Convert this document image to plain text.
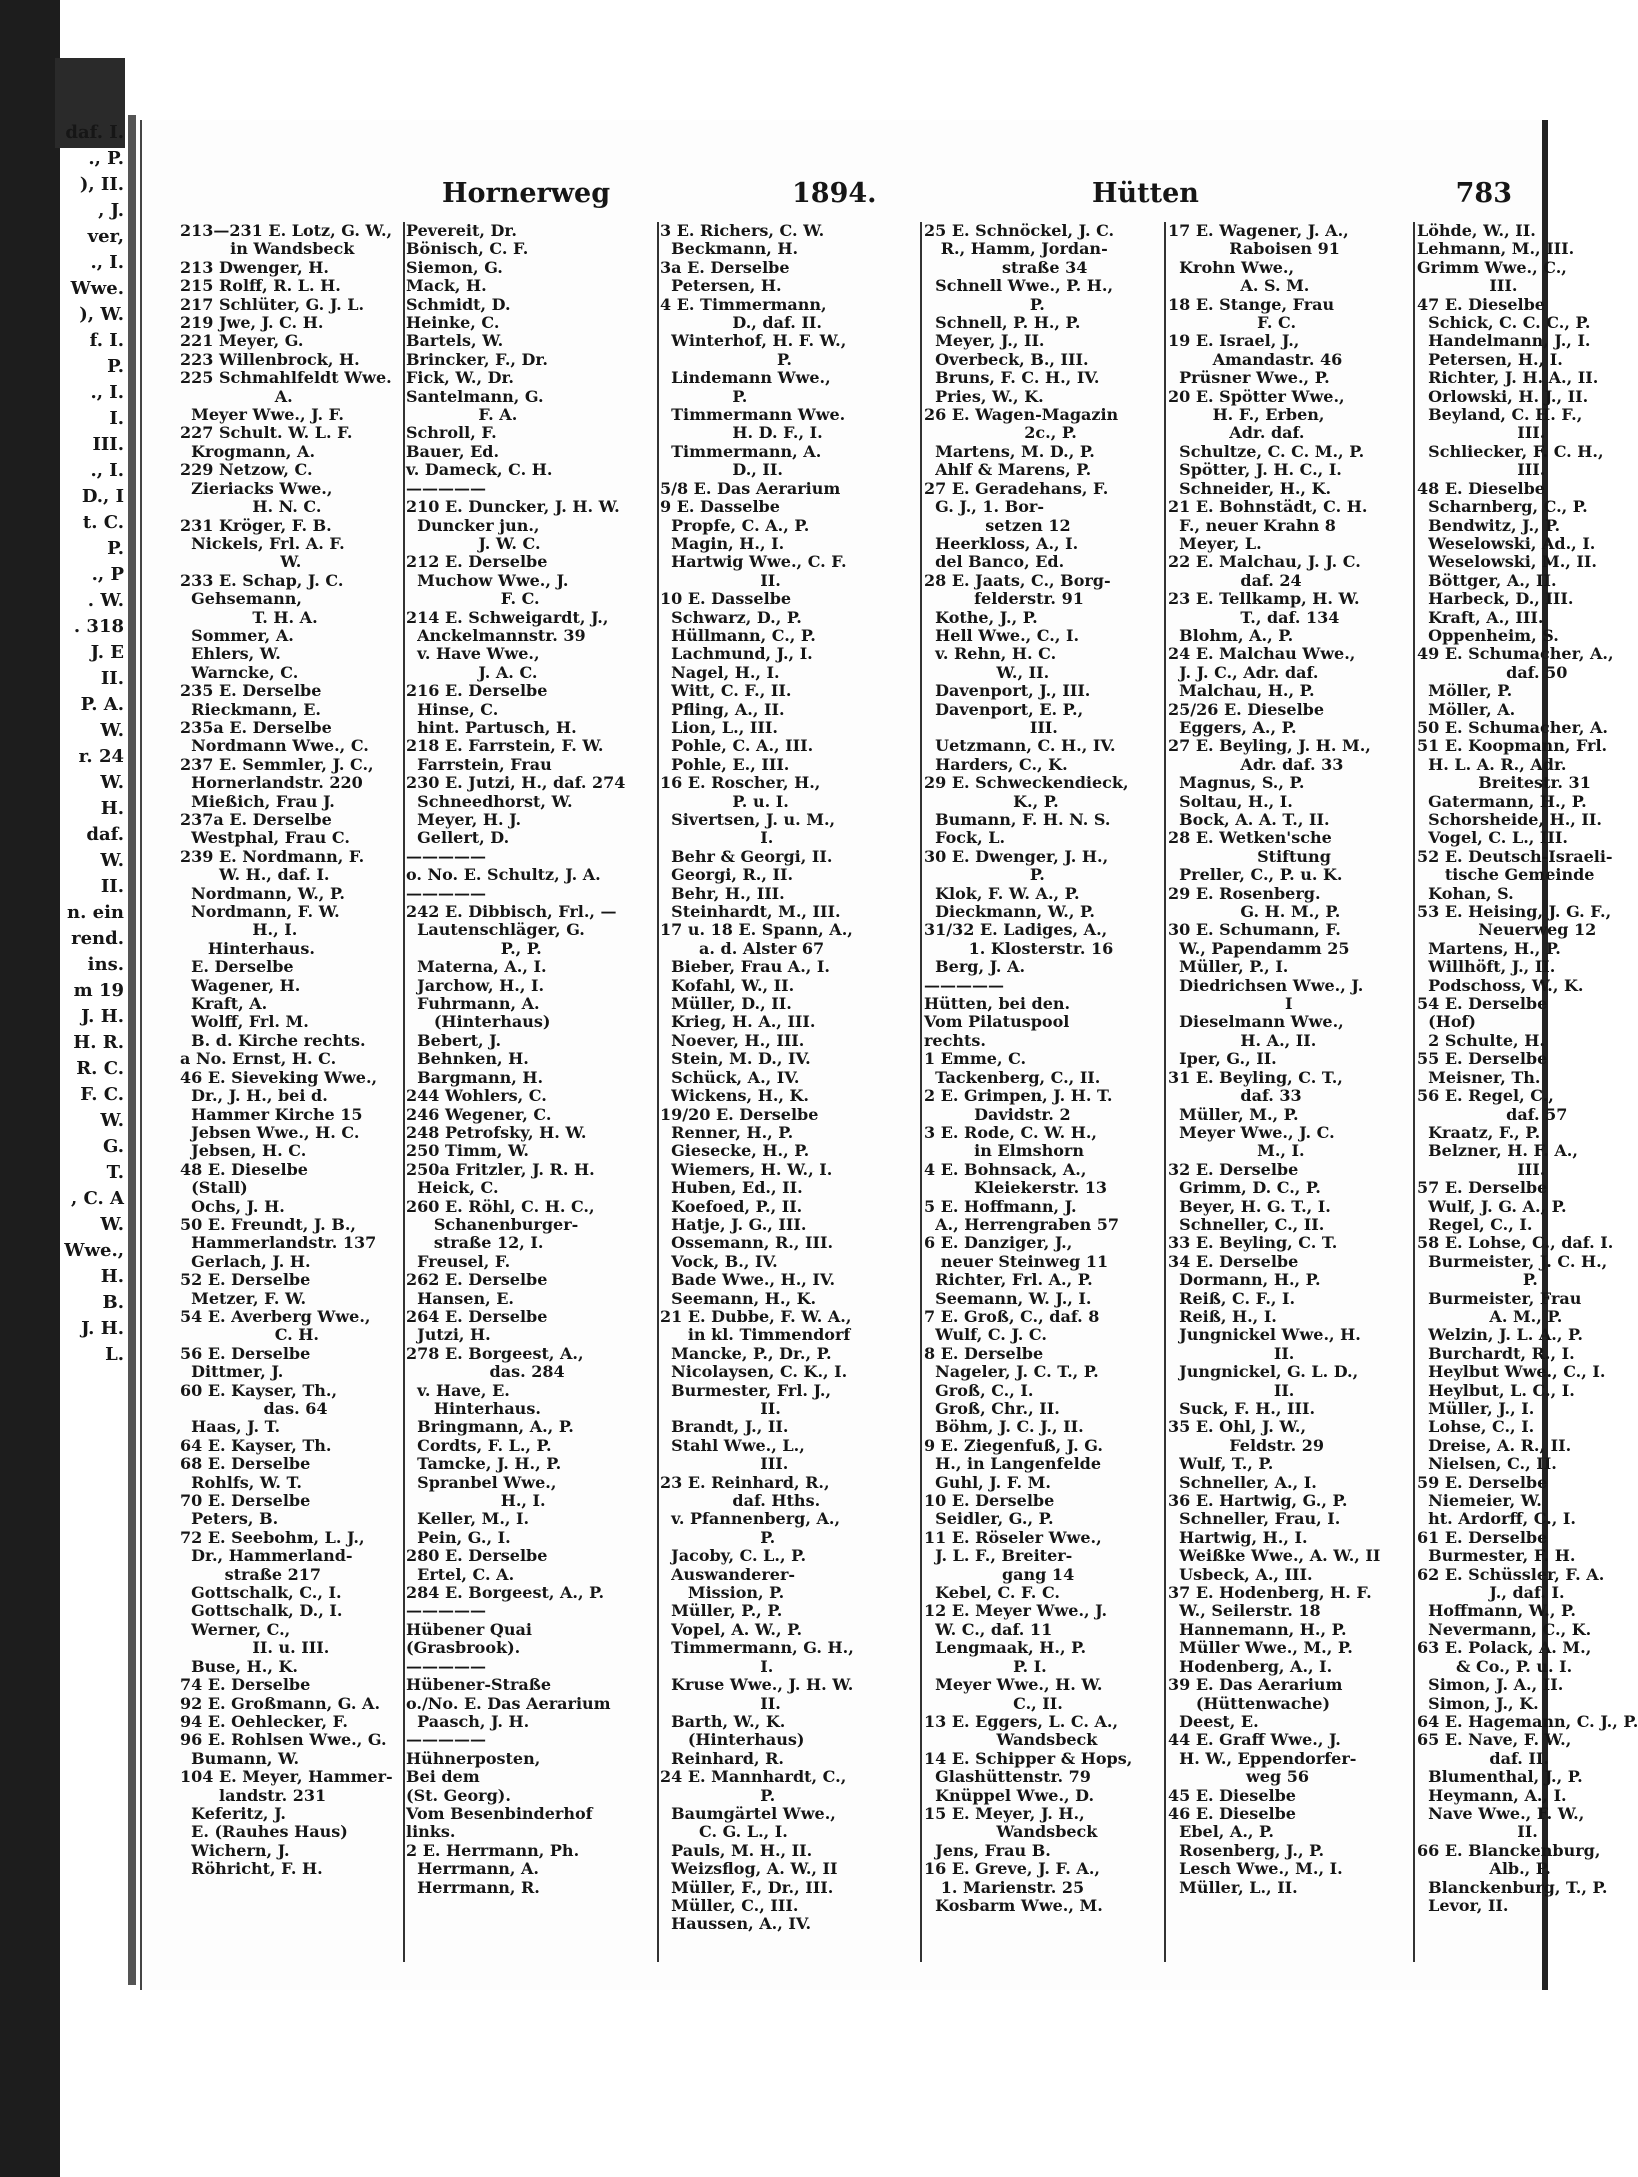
daf. I.
., P.
), II.
, J.
ver,
., I.
Wwe.
), W.
f. I.
P.
., I.
I.
III.
., I.
D., I
t. C.
P.
., P
. W.
. 318
J. E
II.
P. A.
W.
r. 24
W.
H.
daf.
W.
II.
n. ein
rend.
ins.
m 19
J. H.
H. R.
R. C.
F. C.
W.
G.
T.
, C. A
W.
Wwe.,
H.
B.
J. H.
L.
Hornerweg	1894.	Hütten	783
213—231 E. Lotz, G. W.,
in Wandsbeck
213 Dwenger, H.
215 Rolff, R. L. H.
217 Schlüter, G. J. L.
219 Jwe, J. C. H.
221 Meyer, G.
223 Willenbrock, H.
225 Schmahlfeldt Wwe.
A.
Meyer Wwe., J. F.
227 Schult. W. L. F.
Krogmann, A.
229 Netzow, C.
Zieriacks Wwe.,
H. N. C.
231 Kröger, F. B.
Nickels, Frl. A. F.
W.
233 E. Schap, J. C.
Gehsemann,
T. H. A.
Sommer, A.
Ehlers, W.
Warncke, C.
235 E. Derselbe
Rieckmann, E.
235a E. Derselbe
Nordmann Wwe., C.
237 E. Semmler, J. C.,
Hornerlandstr. 220
Mießich, Frau J.
237a E. Derselbe
Westphal, Frau C.
239 E. Nordmann, F.
W. H., daf. I.
Nordmann, W., P.
Nordmann, F. W.
H., I.
Hinterhaus.
E. Derselbe
Wagener, H.
Kraft, A.
Wolff, Frl. M.
B. d. Kirche rechts.
a No. Ernst, H. C.
46 E. Sieveking Wwe.,
Dr., J. H., bei d.
Hammer Kirche 15
Jebsen Wwe., H. C.
Jebsen, H. C.
48 E. Dieselbe
(Stall)
Ochs, J. H.
50 E. Freundt, J. B.,
Hammerlandstr. 137
Gerlach, J. H.
52 E. Derselbe
Metzer, F. W.
54 E. Averberg Wwe.,
C. H.
56 E. Derselbe
Dittmer, J.
60 E. Kayser, Th.,
das. 64
Haas, J. T.
64 E. Kayser, Th.
68 E. Derselbe
Rohlfs, W. T.
70 E. Derselbe
Peters, B.
72 E. Seebohm, L. J.,
Dr., Hammerland-
straße 217
Gottschalk, C., I.
Gottschalk, D., I.
Werner, C.,
II. u. III.
Buse, H., K.
74 E. Derselbe
92 E. Großmann, G. A.
94 E. Oehlecker, F.
96 E. Rohlsen Wwe., G.
Bumann, W.
104 E. Meyer, Hammer-
landstr. 231
Keferitz, J.
E. (Rauhes Haus)
Wichern, J.
Röhricht, F. H.
Pevereit, Dr.
Bönisch, C. F.
Siemon, G.
Mack, H.
Schmidt, D.
Heinke, C.
Bartels, W.
Brincker, F., Dr.
Fick, W., Dr.
Santelmann, G.
F. A.
Schroll, F.
Bauer, Ed.
v. Dameck, C. H.
—————
210 E. Duncker, J. H. W.
Duncker jun.,
J. W. C.
212 E. Derselbe
Muchow Wwe., J.
F. C.
214 E. Schweigardt, J.,
Anckelmannstr. 39
v. Have Wwe.,
J. A. C.
216 E. Derselbe
Hinse, C.
hint. Partusch, H.
218 E. Farrstein, F. W.
Farrstein, Frau
230 E. Jutzi, H., daf. 274
Schneedhorst, W.
Meyer, H. J.
Gellert, D.
—————
o. No. E. Schultz, J. A.
—————
242 E. Dibbisch, Frl., —
Lautenschläger, G.
P., P.
Materna, A., I.
Jarchow, H., I.
Fuhrmann, A.
(Hinterhaus)
Bebert, J.
Behnken, H.
Bargmann, H.
244 Wohlers, C.
246 Wegener, C.
248 Petrofsky, H. W.
250 Timm, W.
250a Fritzler, J. R. H.
Heick, C.
260 E. Röhl, C. H. C.,
Schanenburger-
straße 12, I.
Freusel, F.
262 E. Derselbe
Hansen, E.
264 E. Derselbe
Jutzi, H.
278 E. Borgeest, A.,
das. 284
v. Have, E.
Hinterhaus.
Bringmann, A., P.
Cordts, F. L., P.
Tamcke, J. H., P.
Spranbel Wwe.,
H., I.
Keller, M., I.
Pein, G., I.
280 E. Derselbe
Ertel, C. A.
284 E. Borgeest, A., P.
—————
Hübener Quai
(Grasbrook).
—————
Hübener-Straße
o./No. E. Das Aerarium
Paasch, J. H.
—————
Hühnerposten,
Bei dem
(St. Georg).
Vom Besenbinderhof
links.
2 E. Herrmann, Ph.
Herrmann, A.
Herrmann, R.
3 E. Richers, C. W.
Beckmann, H.
3a E. Derselbe
Petersen, H.
4 E. Timmermann,
D., daf. II.
Winterhof, H. F. W.,
P.
Lindemann Wwe.,
P.
Timmermann Wwe.
H. D. F., I.
Timmermann, A.
D., II.
5/8 E. Das Aerarium
9 E. Dasselbe
Propfe, C. A., P.
Magin, H., I.
Hartwig Wwe., C. F.
II.
10 E. Dasselbe
Schwarz, D., P.
Hüllmann, C., P.
Lachmund, J., I.
Nagel, H., I.
Witt, C. F., II.
Pfling, A., II.
Lion, L., III.
Pohle, C. A., III.
Pohle, E., III.
16 E. Roscher, H.,
P. u. I.
Sivertsen, J. u. M.,
I.
Behr & Georgi, II.
Georgi, R., II.
Behr, H., III.
Steinhardt, M., III.
17 u. 18 E. Spann, A.,
a. d. Alster 67
Bieber, Frau A., I.
Kofahl, W., II.
Müller, D., II.
Krieg, H. A., III.
Noever, H., III.
Stein, M. D., IV.
Schück, A., IV.
Wickens, H., K.
19/20 E. Derselbe
Renner, H., P.
Giesecke, H., P.
Wiemers, H. W., I.
Huben, Ed., II.
Koefoed, P., II.
Hatje, J. G., III.
Ossemann, R., III.
Vock, B., IV.
Bade Wwe., H., IV.
Seemann, H., K.
21 E. Dubbe, F. W. A.,
in kl. Timmendorf
Mancke, P., Dr., P.
Nicolaysen, C. K., I.
Burmester, Frl. J.,
II.
Brandt, J., II.
Stahl Wwe., L.,
III.
23 E. Reinhard, R.,
daf. Hths.
v. Pfannenberg, A.,
P.
Jacoby, C. L., P.
Auswanderer-
Mission, P.
Müller, P., P.
Vopel, A. W., P.
Timmermann, G. H.,
I.
Kruse Wwe., J. H. W.
II.
Barth, W., K.
(Hinterhaus)
Reinhard, R.
24 E. Mannhardt, C.,
P.
Baumgärtel Wwe.,
C. G. L., I.
Pauls, M. H., II.
Weizsflog, A. W., II
Müller, F., Dr., III.
Müller, C., III.
Haussen, A., IV.
25 E. Schnöckel, J. C.
R., Hamm, Jordan-
straße 34
Schnell Wwe., P. H.,
P.
Schnell, P. H., P.
Meyer, J., II.
Overbeck, B., III.
Bruns, F. C. H., IV.
Pries, W., K.
26 E. Wagen-Magazin
2c., P.
Martens, M. D., P.
Ahlf & Marens, P.
27 E. Geradehans, F.
G. J., 1. Bor-
setzen 12
Heerkloss, A., I.
del Banco, Ed.
28 E. Jaats, C., Borg-
felderstr. 91
Kothe, J., P.
Hell Wwe., C., I.
v. Rehn, H. C.
W., II.
Davenport, J., III.
Davenport, E. P.,
III.
Uetzmann, C. H., IV.
Harders, C., K.
29 E. Schweckendieck,
K., P.
Bumann, F. H. N. S.
Fock, L.
30 E. Dwenger, J. H.,
P.
Klok, F. W. A., P.
Dieckmann, W., P.
31/32 E. Ladiges, A.,
1. Klosterstr. 16
Berg, J. A.
—————
Hütten, bei den.
Vom Pilatuspool
rechts.
1 Emme, C.
Tackenberg, C., II.
2 E. Grimpen, J. H. T.
Davidstr. 2
3 E. Rode, C. W. H.,
in Elmshorn
4 E. Bohnsack, A.,
Kleiekerstr. 13
5 E. Hoffmann, J.
A., Herrengraben 57
6 E. Danziger, J.,
neuer Steinweg 11
Richter, Frl. A., P.
Seemann, W. J., I.
7 E. Groß, C., daf. 8
Wulf, C. J. C.
8 E. Derselbe
Nageler, J. C. T., P.
Groß, C., I.
Groß, Chr., II.
Böhm, J. C. J., II.
9 E. Ziegenfuß, J. G.
H., in Langenfelde
Guhl, J. F. M.
10 E. Derselbe
Seidler, G., P.
11 E. Röseler Wwe.,
J. L. F., Breiter-
gang 14
Kebel, C. F. C.
12 E. Meyer Wwe., J.
W. C., daf. 11
Lengmaak, H., P.
P. I.
Meyer Wwe., H. W.
C., II.
13 E. Eggers, L. C. A.,
Wandsbeck
14 E. Schipper & Hops,
Glashüttenstr. 79
Knüppel Wwe., D.
15 E. Meyer, J. H.,
Wandsbeck
Jens, Frau B.
16 E. Greve, J. F. A.,
1. Marienstr. 25
Kosbarm Wwe., M.
17 E. Wagener, J. A.,
Raboisen 91
Krohn Wwe.,
A. S. M.
18 E. Stange, Frau
F. C.
19 E. Israel, J.,
Amandastr. 46
Prüsner Wwe., P.
20 E. Spötter Wwe.,
H. F., Erben,
Adr. daf.
Schultze, C. C. M., P.
Spötter, J. H. C., I.
Schneider, H., K.
21 E. Bohnstädt, C. H.
F., neuer Krahn 8
Meyer, L.
22 E. Malchau, J. J. C.
daf. 24
23 E. Tellkamp, H. W.
T., daf. 134
Blohm, A., P.
24 E. Malchau Wwe.,
J. J. C., Adr. daf.
Malchau, H., P.
25/26 E. Dieselbe
Eggers, A., P.
27 E. Beyling, J. H. M.,
Adr. daf. 33
Magnus, S., P.
Soltau, H., I.
Bock, A. A. T., II.
28 E. Wetken'sche
Stiftung
Preller, C., P. u. K.
29 E. Rosenberg.
G. H. M., P.
30 E. Schumann, F.
W., Papendamm 25
Müller, P., I.
Diedrichsen Wwe., J.
I
Dieselmann Wwe.,
H. A., II.
Iper, G., II.
31 E. Beyling, C. T.,
daf. 33
Müller, M., P.
Meyer Wwe., J. C.
M., I.
32 E. Derselbe
Grimm, D. C., P.
Beyer, H. G. T., I.
Schneller, C., II.
33 E. Beyling, C. T.
34 E. Derselbe
Dormann, H., P.
Reiß, C. F., I.
Reiß, H., I.
Jungnickel Wwe., H.
II.
Jungnickel, G. L. D.,
II.
Suck, F. H., III.
35 E. Ohl, J. W.,
Feldstr. 29
Wulf, T., P.
Schneller, A., I.
36 E. Hartwig, G., P.
Schneller, Frau, I.
Hartwig, H., I.
Weißke Wwe., A. W., II
Usbeck, A., III.
37 E. Hodenberg, H. F.
W., Seilerstr. 18
Hannemann, H., P.
Müller Wwe., M., P.
Hodenberg, A., I.
39 E. Das Aerarium
(Hüttenwache)
Deest, E.
44 E. Graff Wwe., J.
H. W., Eppendorfer-
weg 56
45 E. Dieselbe
46 E. Dieselbe
Ebel, A., P.
Rosenberg, J., P.
Lesch Wwe., M., I.
Müller, L., II.
Löhde, W., II.
Lehmann, M., III.
Grimm Wwe., C.,
III.
47 E. Dieselbe
Schick, C. C. C., P.
Handelmann, J., I.
Petersen, H., I.
Richter, J. H. A., II.
Orlowski, H. J., II.
Beyland, C. H. F.,
III.
Schliecker, F. C. H.,
III.
48 E. Dieselbe
Scharnberg, C., P.
Bendwitz, J., P.
Weselowski, Ad., I.
Weselowski, M., II.
Böttger, A., II.
Harbeck, D., III.
Kraft, A., III.
Oppenheim, S.
49 E. Schumacher, A.,
daf. 50
Möller, P.
Möller, A.
50 E. Schumacher, A.
51 E. Koopmann, Frl.
H. L. A. R., Adr.
Breitestr. 31
Gatermann, H., P.
Schorsheide, H., II.
Vogel, C. L., III.
52 E. Deutsch-Israeli-
tische Gemeinde
Kohan, S.
53 E. Heising, J. G. F.,
Neuerweg 12
Martens, H., P.
Willhöft, J., II.
Podschoss, W., K.
54 E. Derselbe
(Hof)
2 Schulte, H.
55 E. Derselbe
Meisner, Th.
56 E. Regel, C.,
daf. 57
Kraatz, F., P.
Belzner, H. F. A.,
III.
57 E. Derselbe
Wulf, J. G. A., P.
Regel, C., I.
58 E. Lohse, C., daf. I.
Burmeister, J. C. H.,
P.
Burmeister, Frau
A. M., P.
Welzin, J. L. A., P.
Burchardt, R., I.
Heylbut Wwe., C., I.
Heylbut, L. C., I.
Müller, J., I.
Lohse, C., I.
Dreise, A. R., II.
Nielsen, C., II.
59 E. Derselbe
Niemeier, W.
ht. Ardorff, C., I.
61 E. Derselbe
Burmester, F. H.
62 E. Schüssler, F. A.
J., daf. I.
Hoffmann, W., P.
Nevermann, C., K.
63 E. Polack, A. M.,
& Co., P. u. I.
Simon, J. A., II.
Simon, J., K.
64 E. Hagemann, C. J., P.
65 E. Nave, F. W.,
daf. II.
Blumenthal, J., P.
Heymann, A., I.
Nave Wwe., F. W.,
II.
66 E. Blanckenburg,
Alb., P.
Blanckenburg, T., P.
Levor, II.
